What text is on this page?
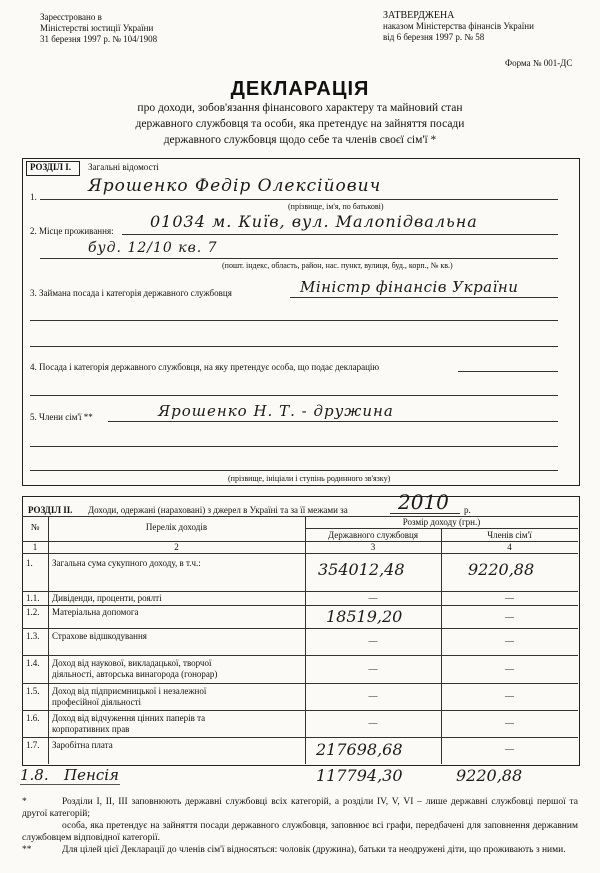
Зареєстровано в
Міністерстві юстиції України
31 березня 1997 р. № 104/1908
ЗАТВЕРДЖЕНА
наказом Міністерства фінансів України
від 6 березня 1997 р. № 58
Форма № 001-ДС
ДЕКЛАРАЦІЯ
про доходи, зобов'язання фінансового характеру та майновий стан
державного службовця та особи, яка претендує на зайняття посади
державного службовця щодо себе та членів своєї сім'ї *
РОЗДІЛ І. Загальні відомості
1.
Ярошенко Федір Олексійович
(прізвище, ім'я, по батькові)
2. Місце проживання: 01034 м. Київ, вул. Малопідвальна
буд. 12/10 кв. 7
(пошт. індекс, область, район, нас. пункт, вулиця, буд., корп., № кв.)
3. Займана посада і категорія державного службовця	Міністр фінансів України
4. Посада і категорія державного службовця, на яку претендує особа, що подає декларацію
5. Члени сім'ї **	Ярошенко Н. Т. - дружина
(прізвище, ініціали і ступінь родинного зв'язку)
РОЗДІЛ ІІ. Доходи, одержані (нараховані) з джерел в Україні та за її межами за	2010 р.
№	Перелік доходів	Розмір доходу (грн.)
Державного службовця	Членів сім'ї
1	2	3	4
1. Загальна сума сукупного доходу, в т.ч.:	354012,48	9220,88
1.1. Дивіденди, проценти, роялті	—	—
1.2. Матеріальна допомога	18519,20	—
1.3. Страхове відшкодування	—	—
1.4. Доход від наукової, викладацької, творчої
діяльності, авторська винагорода (гонорар)	—	—
1.5. Доход від підприємницької і незалежної
професійної діяльності
—	—
1.6. Доход від відчуження цінних паперів та
корпоративних прав
—	—
1.7. Заробітна плата	217698,68	—
1.8. Пенсія	117794,30	9220,88
*	Розділи I, II, III заповнюють державні службовці всіх категорій, а розділи IV, V, VI – лише державні службовці першої та другої категорій;
особа, яка претендує на зайняття посади державного службовця, заповнює всі графи, передбачені для заповнення державним службовцем відповідної категорії.
**	Для цілей цієї Декларації до членів сім'ї відносяться: чоловік (дружина), батьки та неодружені діти, що проживають з ними.
